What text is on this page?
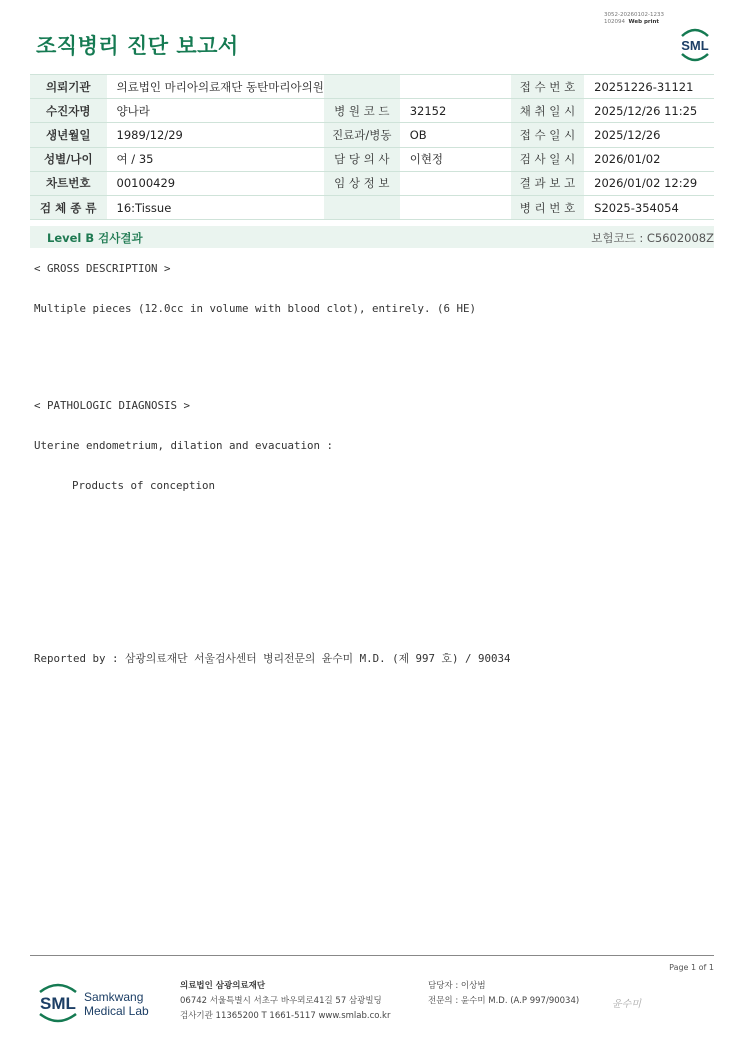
조직병리 진단 보고서
3052-20260102-1233
102094 Web print
SML
의뢰기관	의료법인 마리아의료재단 동탄마리아의원			접 수 번 호	20251226-31121
수진자명	양나라	병 원 코 드	32152	채 취 일 시	2025/12/26 11:25
생년월일	1989/12/29	진료과/병동	OB	접 수 일 시	2025/12/26
성별/나이	여 / 35	담 당 의 사	이현정	검 사 일 시	2026/01/02
차트번호	00100429	임 상 정 보		결 과 보 고	2026/01/02 12:29
검 체 종 류	16:Tissue			병 리 번 호	S2025-354054
Level B 검사결과	보험코드 : C5602008Z
< GROSS DESCRIPTION >
Multiple pieces (12.0cc in volume with blood clot), entirely. (6 HE)
< PATHOLOGIC DIAGNOSIS >
Uterine endometrium, dilation and evacuation :
Products of conception
Reported by : 삼광의료재단 서울검사센터 병리전문의 윤수미 M.D. (제 997 호) / 90034
Page 1 of 1
SML Samkwang
Medical Lab
의료법인 삼광의료재단
06742 서울특별시 서초구 바우뫼로41길 57 삼광빌딩
검사기관 11365200 T 1661-5117 www.smlab.co.kr
담당자 : 이상범
전문의 : 윤수미 M.D. (A.P 997/90034)	윤수미
